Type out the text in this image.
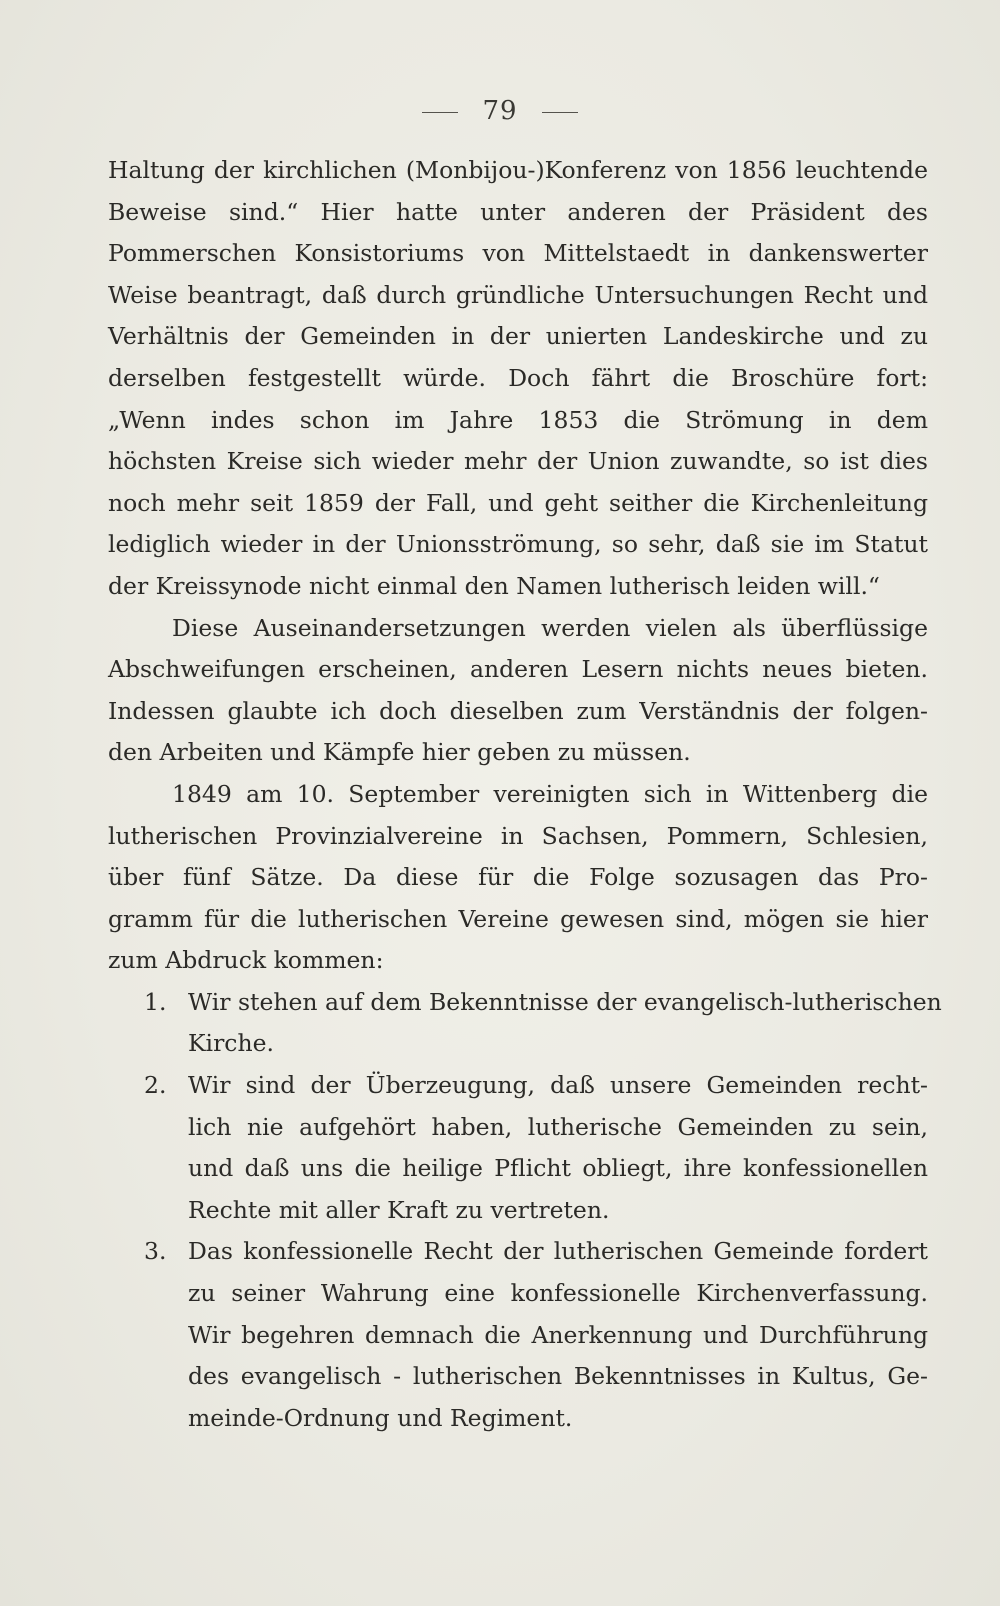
79
Haltung der kirchlichen (Monbijou-)Konferenz von 1856 leuchtende
Beweise sind.“ Hier hatte unter anderen der Präsident des
Pommerschen Konsistoriums von Mittelstaedt in dankenswerter
Weise beantragt, daß durch gründliche Untersuchungen Recht und
Verhältnis der Gemeinden in der unierten Landeskirche und zu
derselben festgestellt würde. Doch fährt die Broschüre fort:
„Wenn indes schon im Jahre 1853 die Strömung in dem
höchsten Kreise sich wieder mehr der Union zuwandte, so ist dies
noch mehr seit 1859 der Fall, und geht seither die Kirchenleitung
lediglich wieder in der Unionsströmung, so sehr, daß sie im Statut
der Kreissynode nicht einmal den Namen lutherisch leiden will.“
Diese Auseinandersetzungen werden vielen als überflüssige
Abschweifungen erscheinen, anderen Lesern nichts neues bieten.
Indessen glaubte ich doch dieselben zum Verständnis der folgen-
den Arbeiten und Kämpfe hier geben zu müssen.
1849 am 10. September vereinigten sich in Wittenberg die
lutherischen Provinzialvereine in Sachsen, Pommern, Schlesien,
über fünf Sätze. Da diese für die Folge sozusagen das Pro-
gramm für die lutherischen Vereine gewesen sind, mögen sie hier
zum Abdruck kommen:
1. Wir stehen auf dem Bekenntnisse der evangelisch-lutherischen
Kirche.
2. Wir sind der Überzeugung, daß unsere Gemeinden recht-
lich nie aufgehört haben, lutherische Gemeinden zu sein,
und daß uns die heilige Pflicht obliegt, ihre konfessionellen
Rechte mit aller Kraft zu vertreten.
3. Das konfessionelle Recht der lutherischen Gemeinde fordert
zu seiner Wahrung eine konfessionelle Kirchenverfassung.
Wir begehren demnach die Anerkennung und Durchführung
des evangelisch - lutherischen Bekenntnisses in Kultus, Ge-
meinde-Ordnung und Regiment.
